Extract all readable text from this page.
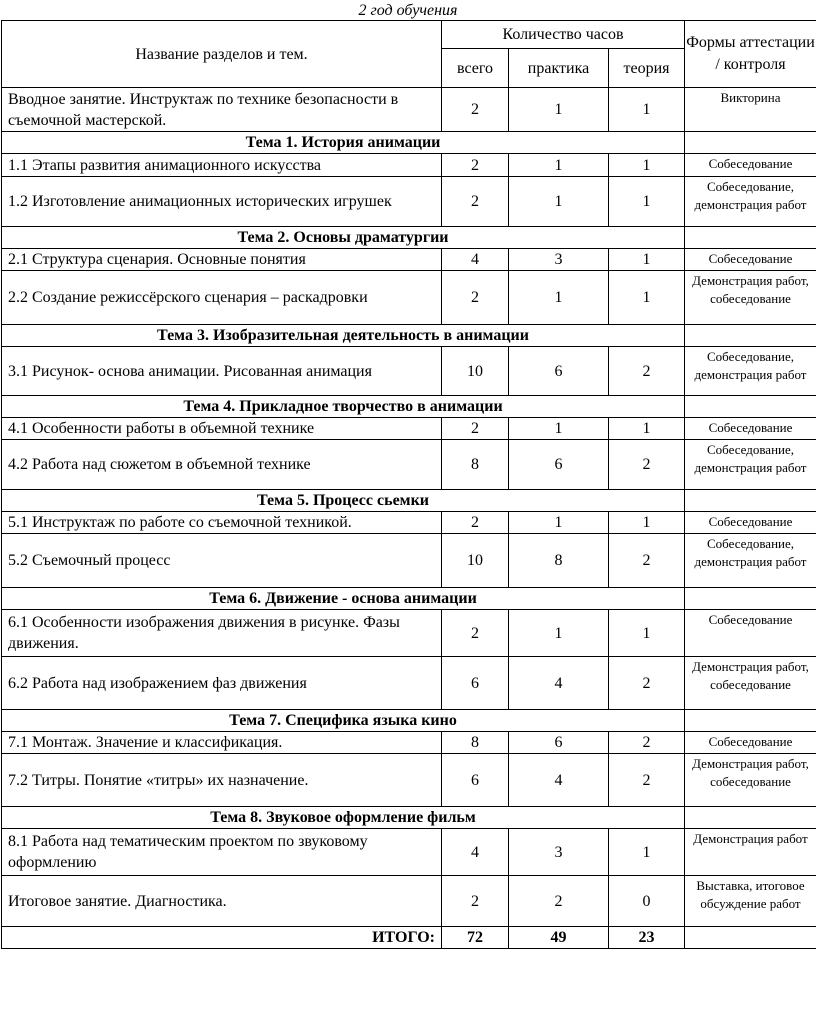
2 год обучения
Название разделов и тем.	Количество часов			Формы аттестации / контроля
	всего	практика	теория	
Вводное занятие. Инструктаж по технике безопасности в съемочной мастерской.	2	1	1	Викторина
Тема 1. История анимации				
1.1 Этапы развития анимационного искусства	2	1	1	Собеседование
1.2 Изготовление анимационных исторических игрушек	2	1	1	Собеседование, демонстрация работ
Тема 2. Основы драматургии				
2.1 Структура сценария. Основные понятия	4	3	1	Собеседование
2.2 Создание режиссёрского сценария – раскадровки	2	1	1	Демонстрация работ, собеседование
Тема 3. Изобразительная деятельность в анимации				
3.1 Рисунок- основа анимации. Рисованная анимация	10	6	2	Собеседование, демонстрация работ
Тема 4. Прикладное творчество в анимации				
4.1 Особенности работы в объемной технике	2	1	1	Собеседование
4.2 Работа над сюжетом в объемной технике	8	6	2	Собеседование, демонстрация работ
Тема 5. Процесс сьемки				
5.1 Инструктаж по работе со съемочной техникой.	2	1	1	Собеседование
5.2 Съемочный процесс	10	8	2	Собеседование, демонстрация работ
Тема 6. Движение - основа анимации				
6.1 Особенности изображения движения в рисунке. Фазы движения.	2	1	1	Собеседование
6.2 Работа над изображением фаз движения	6	4	2	Демонстрация работ, собеседование
Тема 7. Специфика языка кино				
7.1 Монтаж. Значение и классификация.	8	6	2	Собеседование
7.2 Титры. Понятие «титры» их назначение.	6	4	2	Демонстрация работ, собеседование
Тема 8. Звуковое оформление фильм				
8.1 Работа над тематическим проектом по звуковому оформлению	4	3	1	Демонстрация работ
Итоговое занятие. Диагностика.	2	2	0	Выставка, итоговое обсуждение работ
ИТОГО:	72	49	23	
